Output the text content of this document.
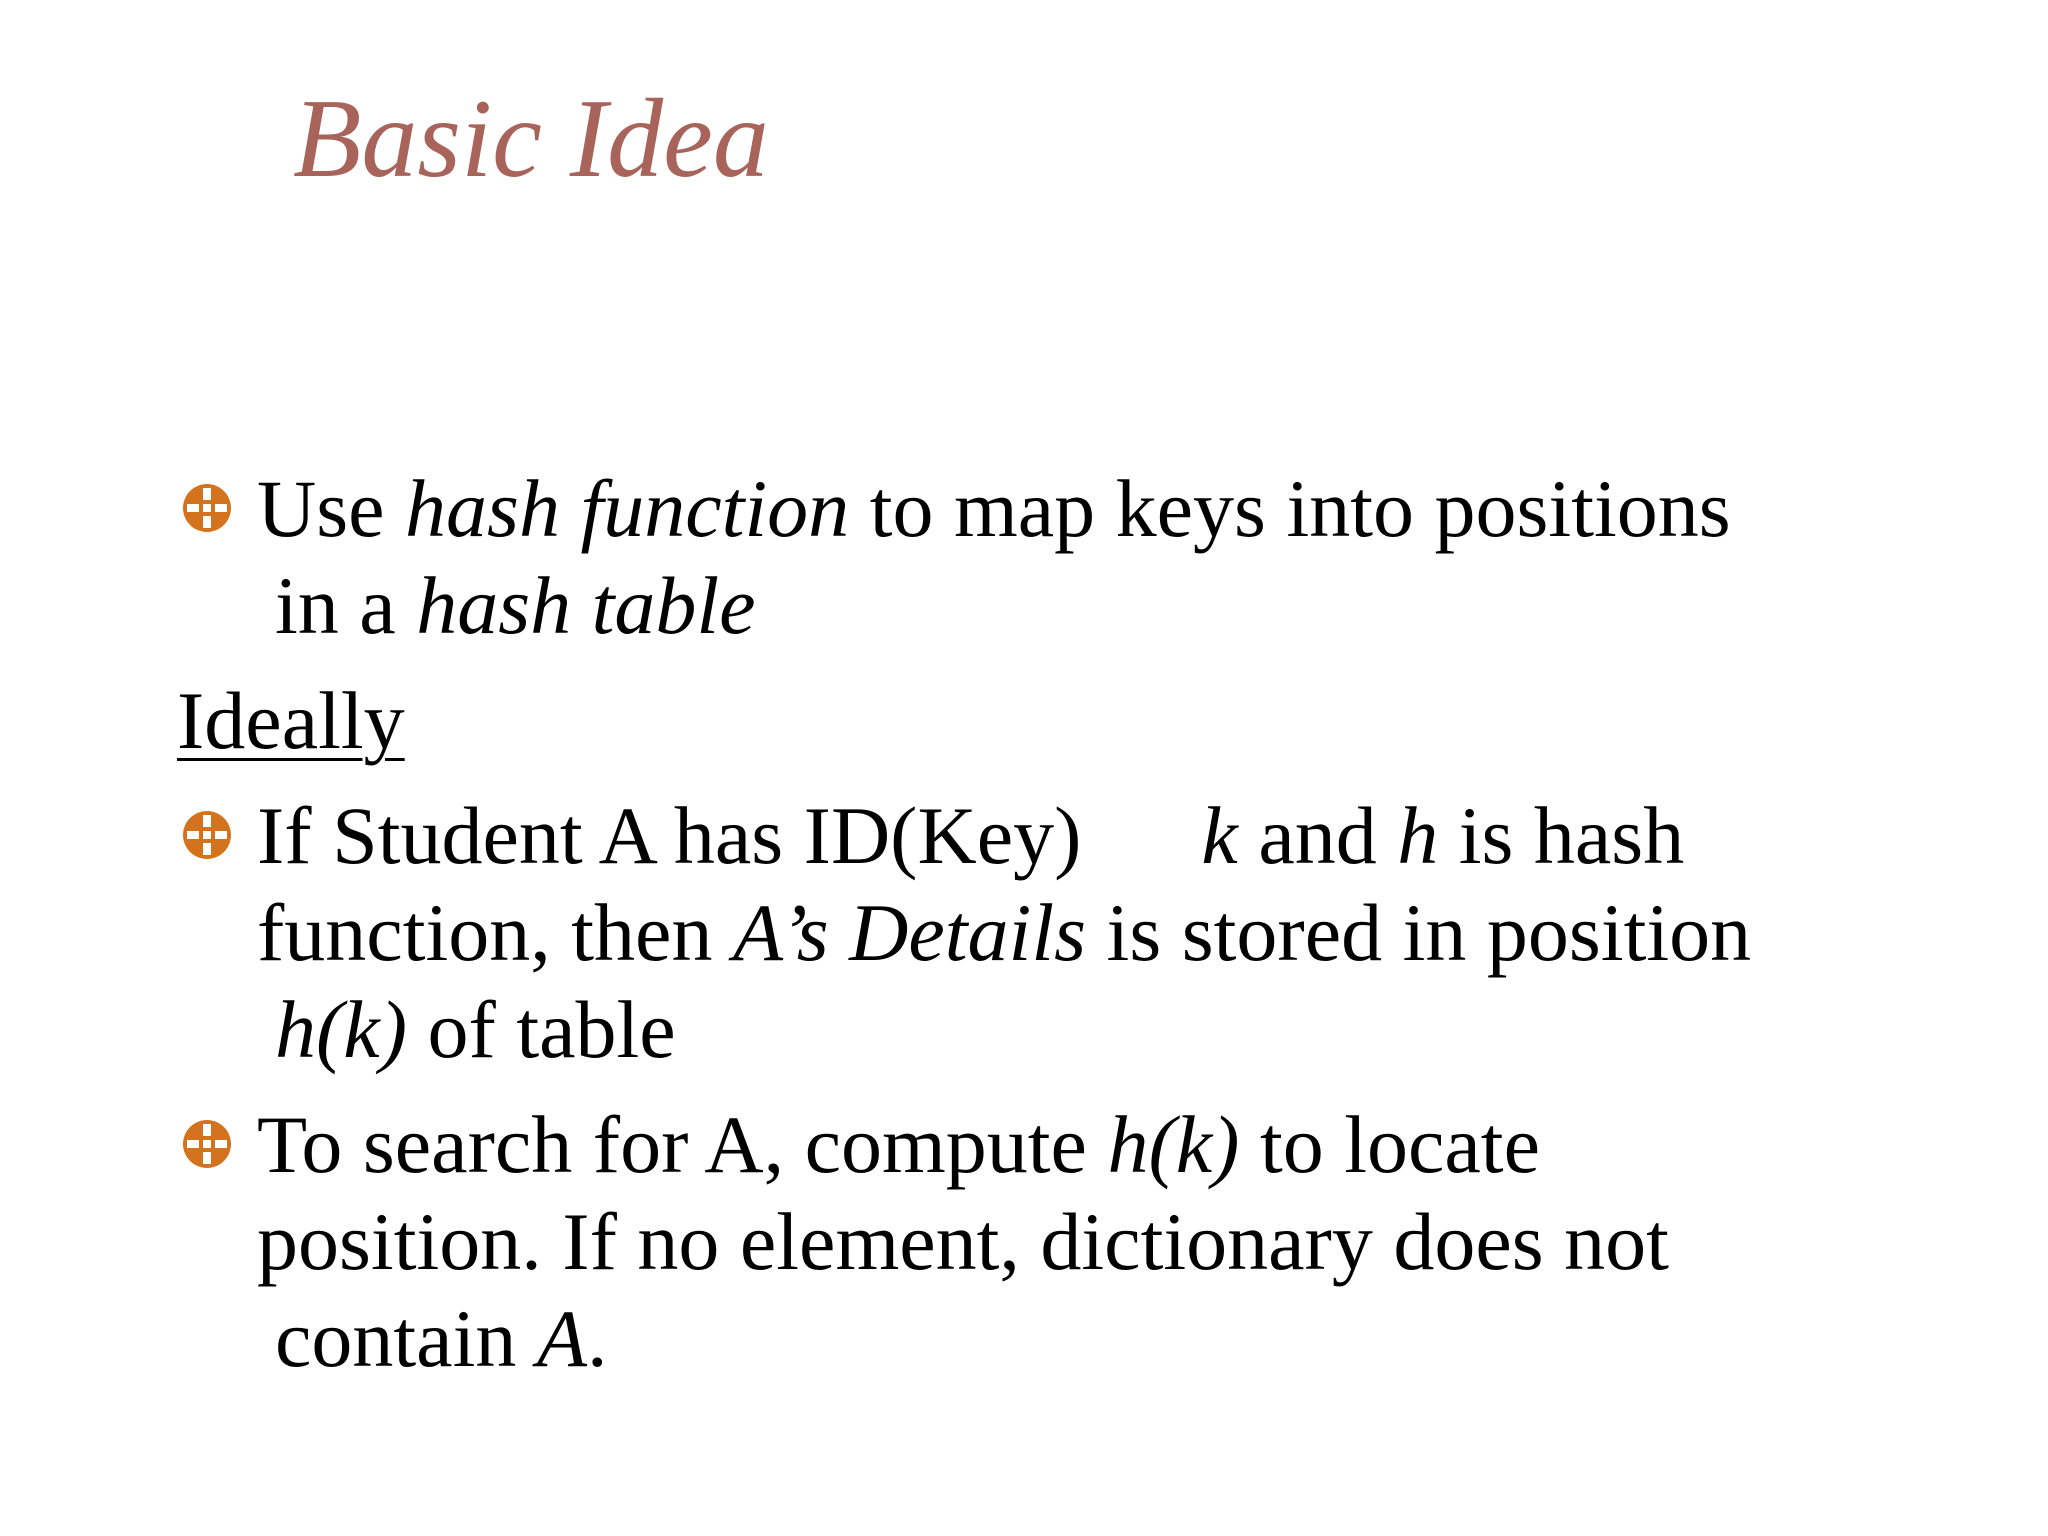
Basic Idea
Use hash function to map keys into positions
in a hash table
Ideally
If Student A has ID(Key) k and h is hash
function, then A’s Details is stored in position
h(k) of table
To search for A, compute h(k) to locate
position. If no element, dictionary does not
contain A.
